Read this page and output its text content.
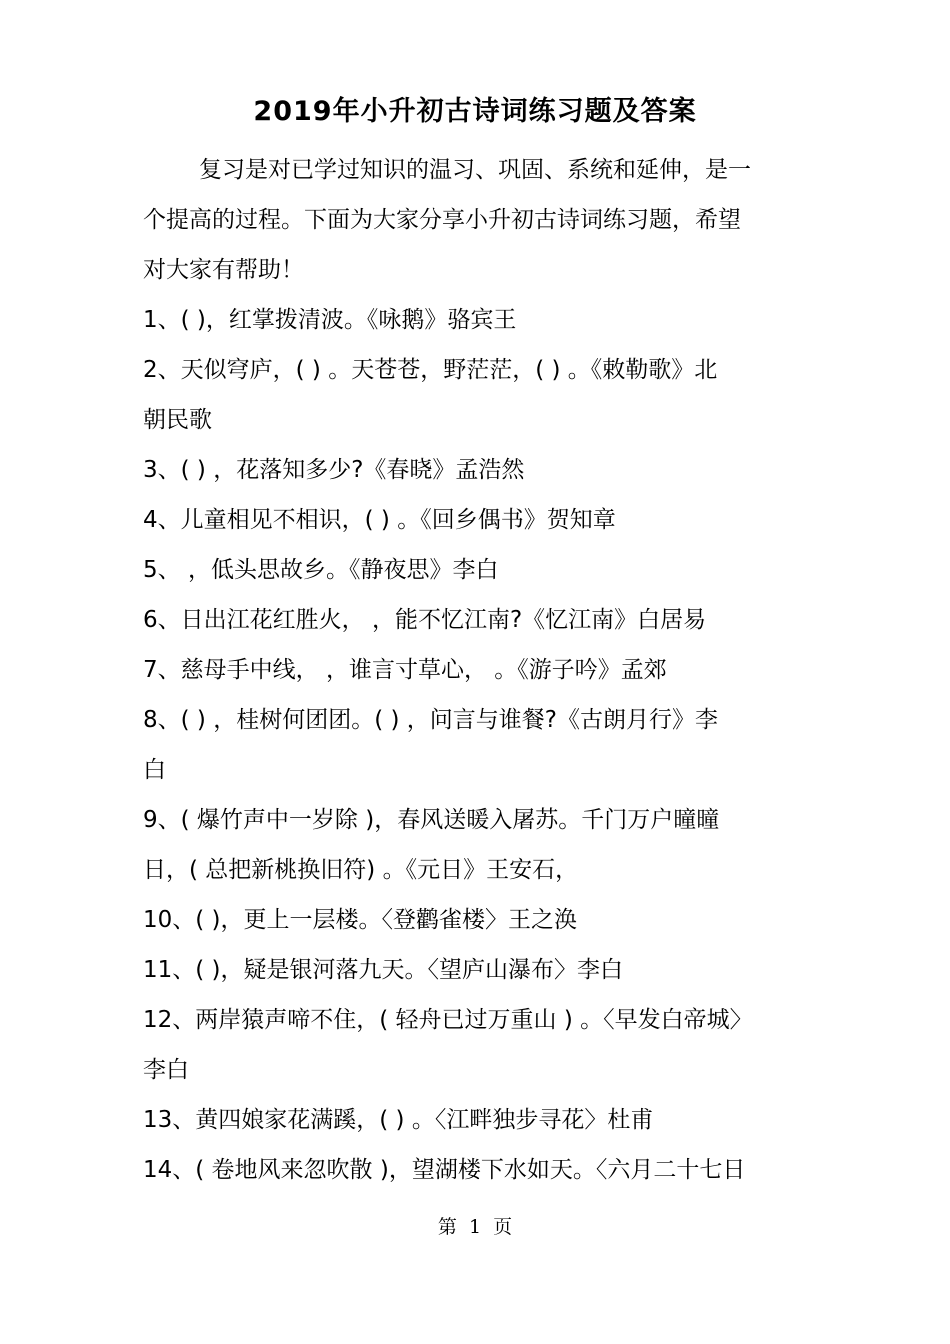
2019年小升初古诗词练习题及答案
复习是对已学过知识的温习、巩固、系统和延伸，是一
个提高的过程。下面为大家分享小升初古诗词练习题，希望
对大家有帮助！
1、( )，红掌拨清波。《咏鹅》骆宾王
2、天似穹庐，( ) 。天苍苍，野茫茫，( ) 。《敕勒歌》北
朝民歌
3、( ) ，花落知多少?《春晓》孟浩然
4、儿童相见不相识，( ) 。《回乡偶书》贺知章
5、 ，低头思故乡。《静夜思》李白
6、日出江花红胜火， ，能不忆江南?《忆江南》白居易
7、慈母手中线， ，谁言寸草心， 。《游子吟》孟郊
8、( ) ，桂树何团团。( ) ，问言与谁餐?《古朗月行》李
白
9、( 爆竹声中一岁除 )，春风送暖入屠苏。千门万户曈曈
日，( 总把新桃换旧符) 。《元日》王安石，
10、( )，更上一层楼。〈登鹳雀楼〉王之涣
11、( )，疑是银河落九天。〈望庐山瀑布〉李白
12、两岸猿声啼不住，( 轻舟已过万重山 ) 。〈早发白帝城〉
李白
13、黄四娘家花满蹊，( ) 。〈江畔独步寻花〉杜甫
14、( 卷地风来忽吹散 )，望湖楼下水如天。〈六月二十七日
第 1 页
